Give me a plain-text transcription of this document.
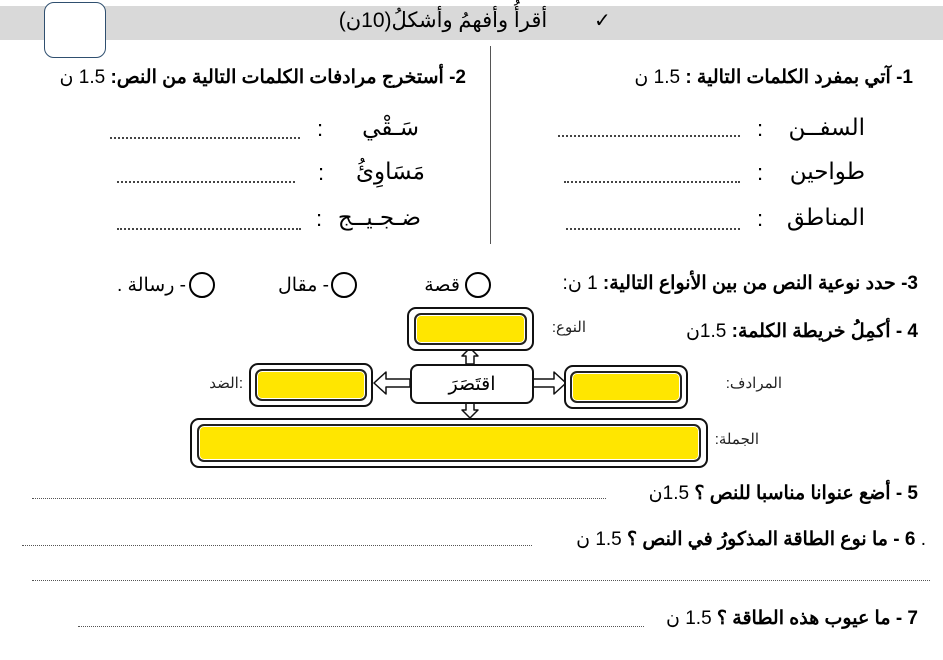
✓
أقرأُ وأفهمُ وأشكلُ(10ن)
1- آتي بمفرد الكلمات التالية : 1.5 ن
2- أستخرج مرادفات الكلمات التالية من النص: 1.5 ن
السفــن
:
طواحين
:
المناطق
:
سَـقْي
:
مَسَاوِئُ
:
ضـجـيــج
:
3- حدد نوعية النص من بين الأنواع التالية: 1 ن:
قصة
- مقال
- رسالة .
4 - أكمِلُ خريطة الكلمة: 1.5ن
النوع:
اقتَصَرَ	المرادف:
:الضد
الجملة:
5 - أضع عنوانا مناسبا للنص ؟ 1.5ن
. 6 - ما نوع الطاقة المذكورُ في النص ؟ 1.5 ن
7 - ما عيوب هذه الطاقة ؟ 1.5 ن
